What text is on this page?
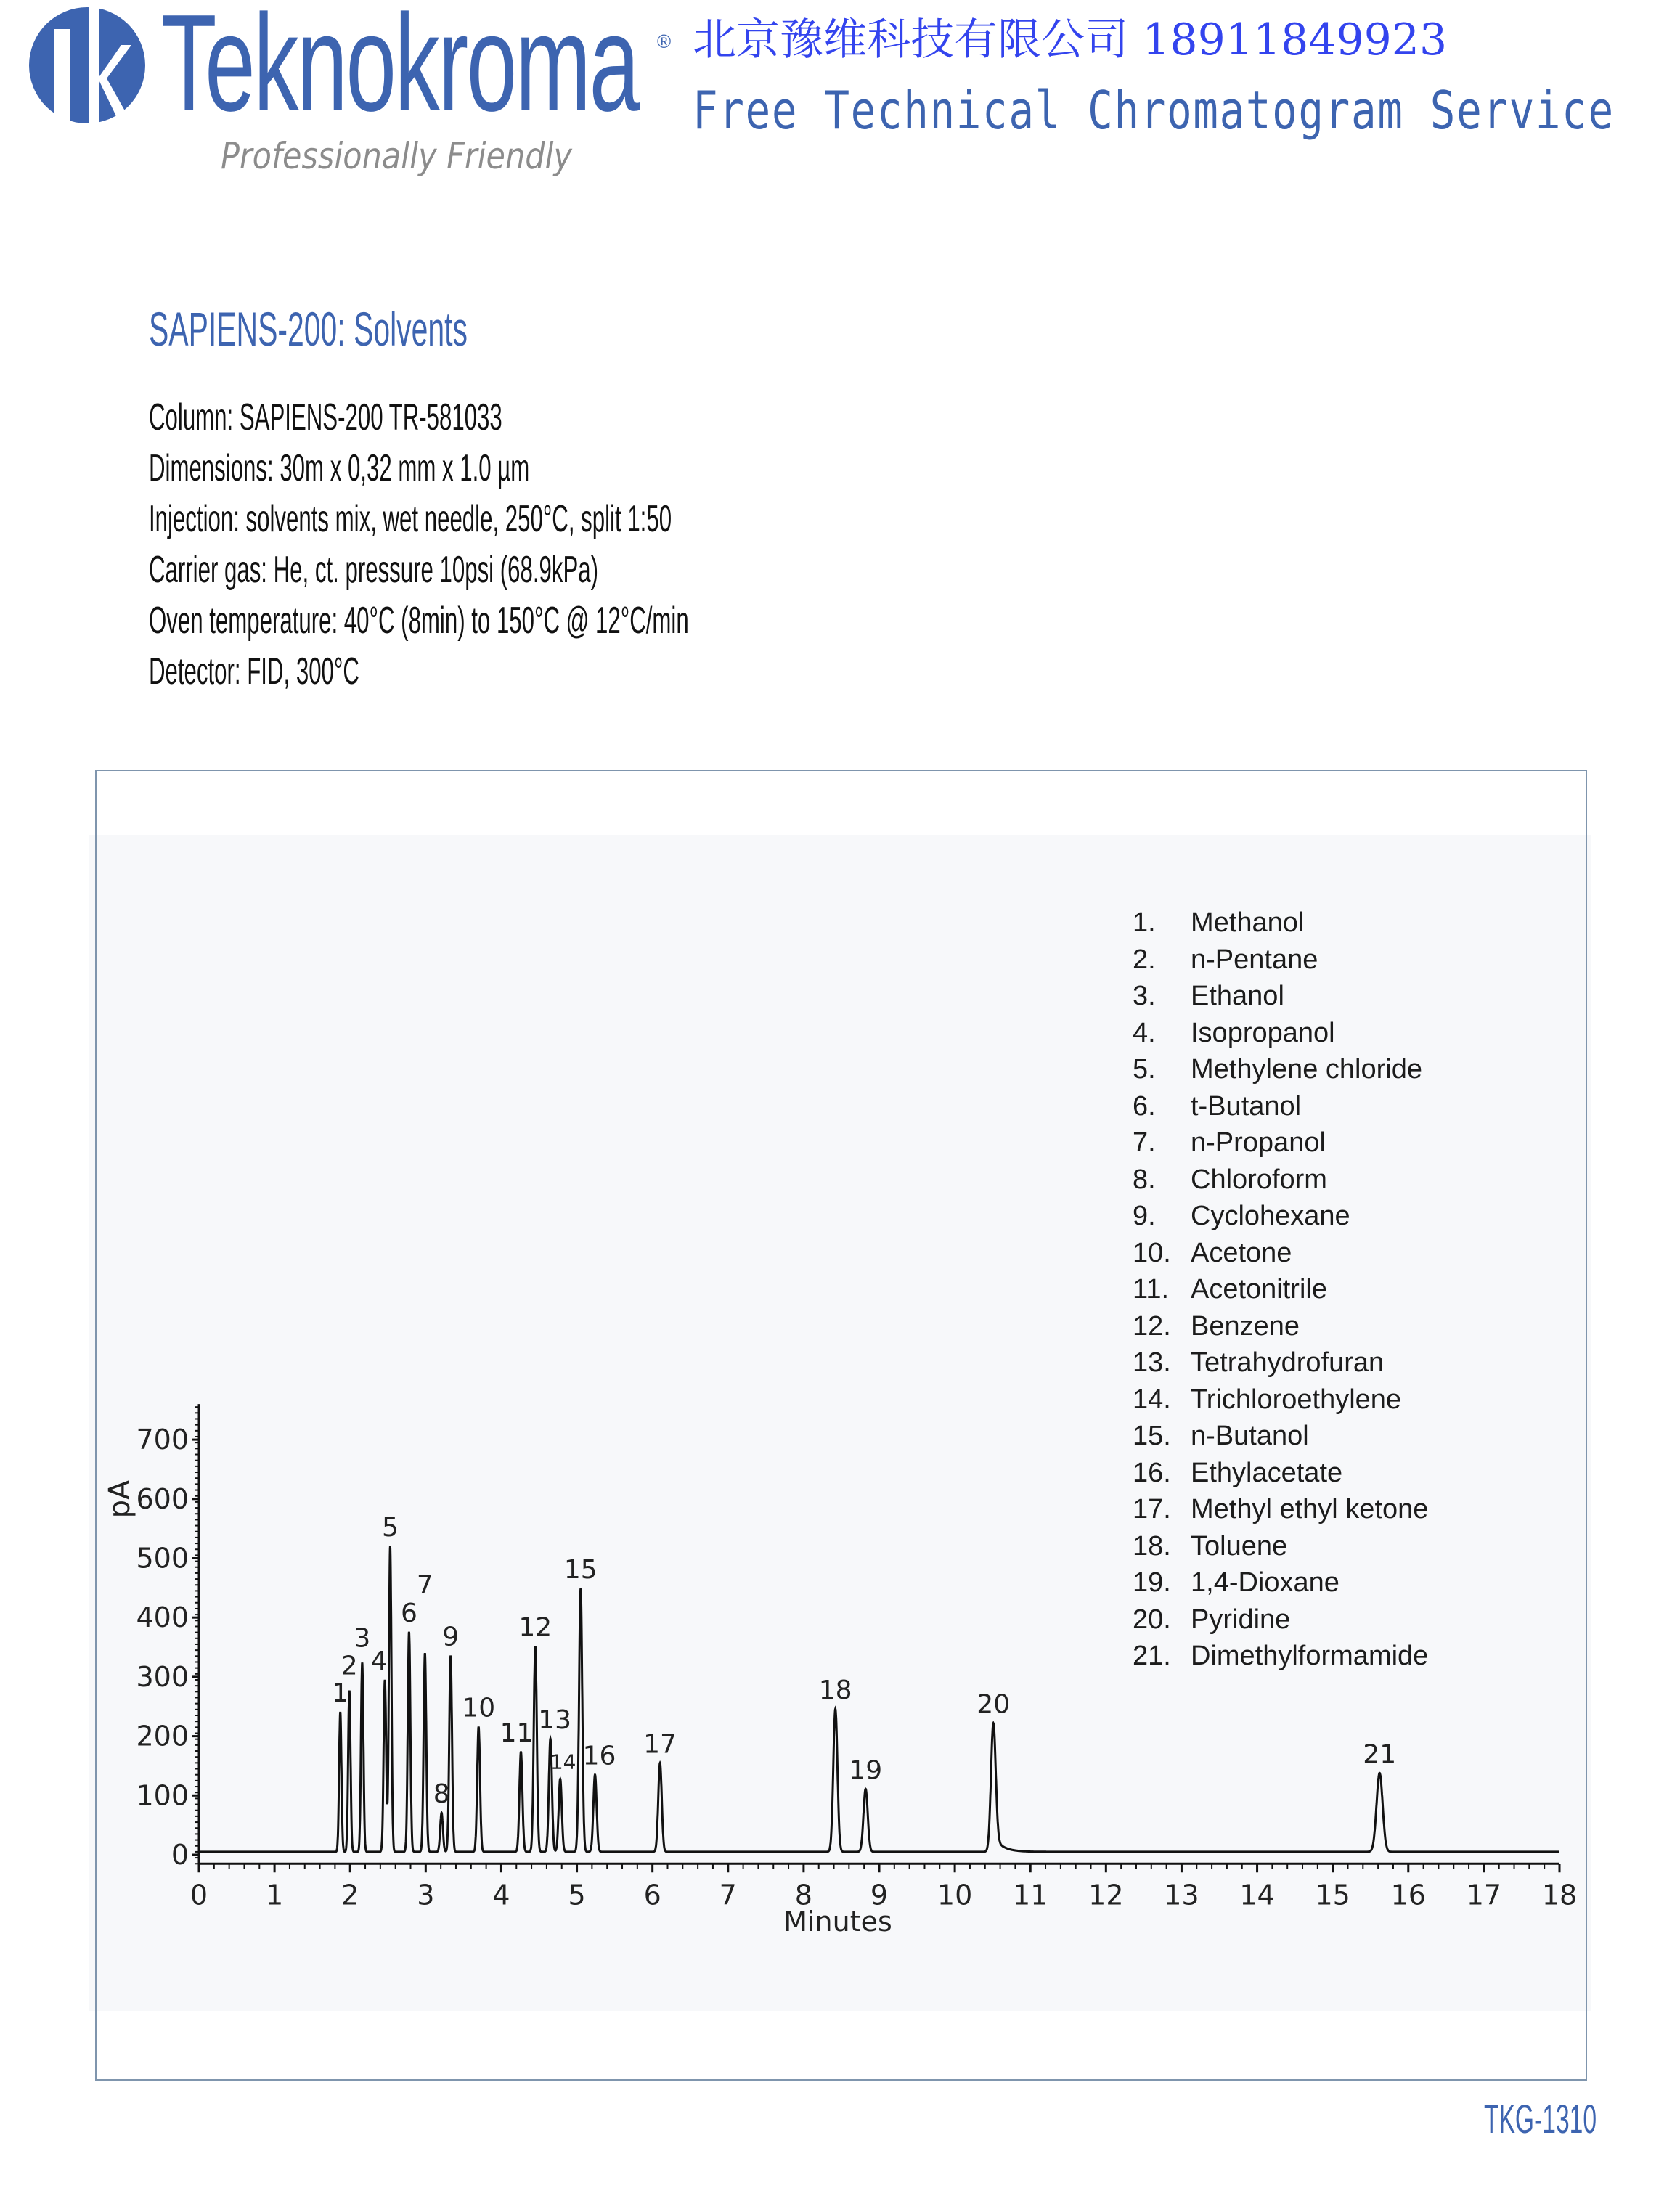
Teknokroma ®
Professionally Friendly
北京豫维科技有限公司 18911849923
Free Technical Chromatogram Service
SAPIENS-200: Solvents
Column: SAPIENS-200 TR-581033
Dimensions: 30m x 0,32 mm x 1.0 µm
Injection: solvents mix, wet needle, 250°C, split 1:50
Carrier gas: He, ct. pressure 10psi (68.9kPa)
Oven temperature: 40°C (8min) to 150°C @ 12°C/min
Detector: FID, 300°C
0 1 2 3 4 5 6 7 8 9 10 11 12 13 14 15 16 17 18
0
100
200
300
400
500
600
700
1
2
3
4
5
6
7
8
9
10
11
12
13
14
15
16 17
18
19
20
21
Minutes
pA
1. Methanol
2. n-Pentane
3. Ethanol
4. Isopropanol
5. Methylene chloride
6. t-Butanol
7. n-Propanol
8. Chloroform
9. Cyclohexane
10. Acetone
11. Acetonitrile
12. Benzene
13. Tetrahydrofuran
14. Trichloroethylene
15. n-Butanol
16. Ethylacetate
17. Methyl ethyl ketone
18. Toluene
19. 1,4-Dioxane
20. Pyridine
21. Dimethylformamide
TKG-1310
